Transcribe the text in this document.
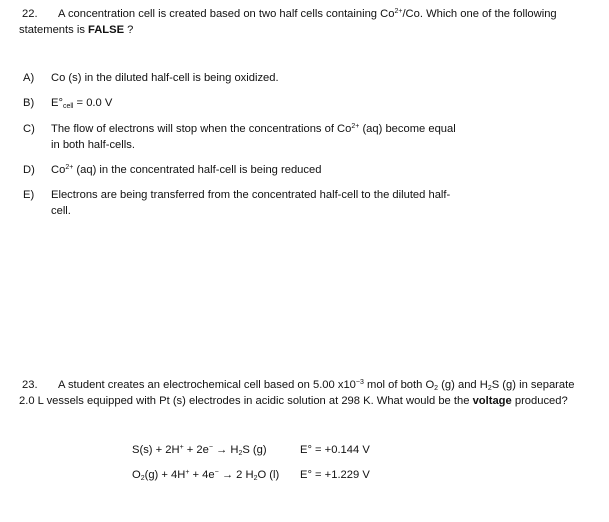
22. A concentration cell is created based on two half cells containing $Co^{2+}/Co$. Which one of the following
statements is FALSE ?
A) Co (s) in the diluted half-cell is being oxidized.
B) $E^\circ_{cell} = 0.0$ V
C) The flow of electrons will stop when the concentrations of $Co^{2+}$ (aq) become equal
in both half-cells.
D) $Co^{2+}$ (aq) in the concentrated half-cell is being reduced
E) Electrons are being transferred from the concentrated half-cell to the diluted half-
cell.
23. A student creates an electrochemical cell based on 5.00 $x10^{-3}$ mol of both $O_2$ (g) and $H_2S$ (g) in separate
2.0 L vessels equipped with Pt (s) electrodes in acidic solution at 298 K. What would be the voltage produced?
$S(s) + 2H^+ + 2e^- \to H_2S$ (g)	E° = +0.144 V
$O_2(g) + 4H^+ + 4e^- \to 2$ $H_2O$ (l) E° = +1.229 V
